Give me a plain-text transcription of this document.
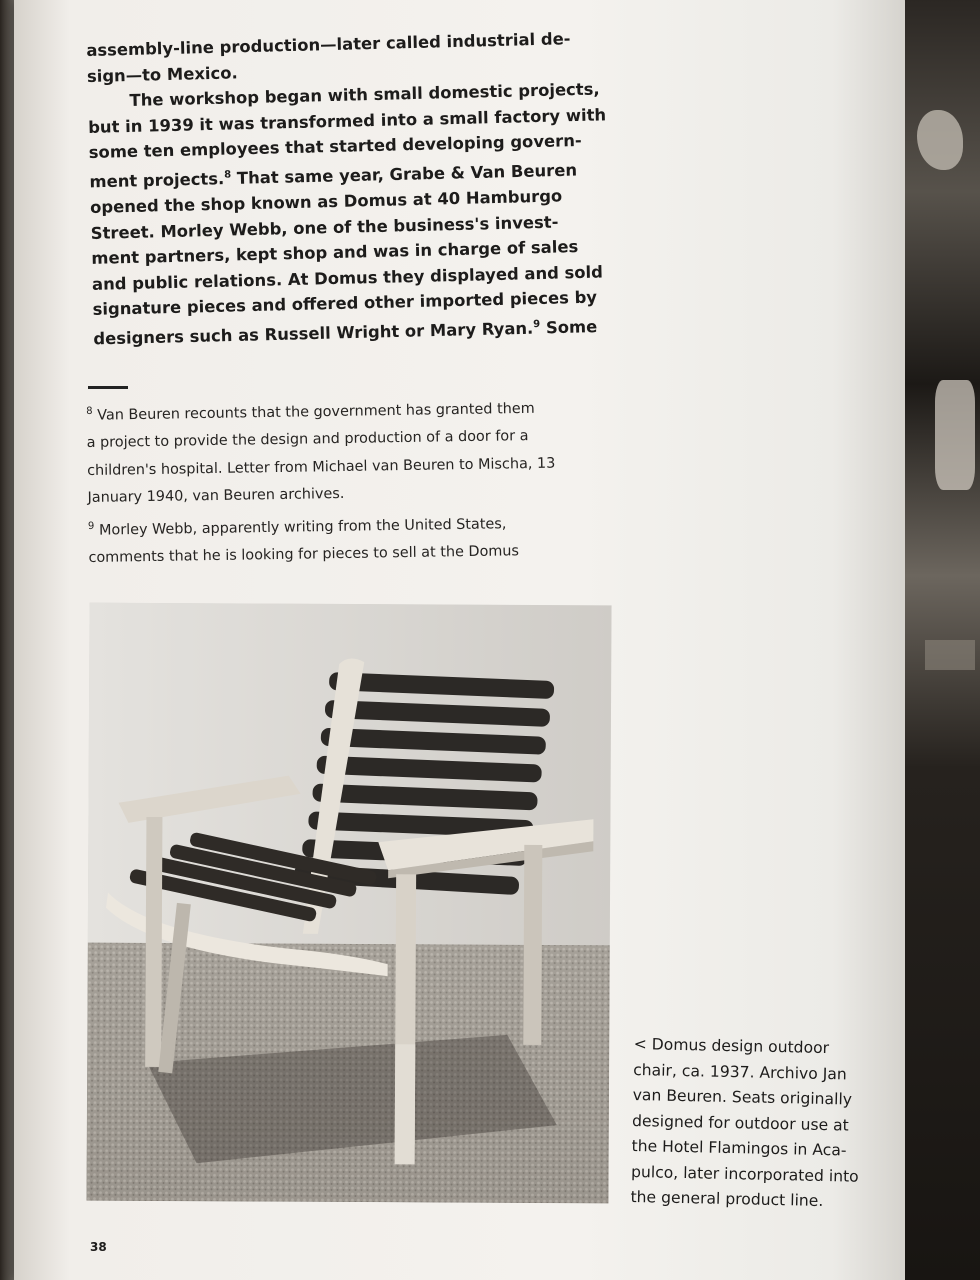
assembly-line production—later called industrial de-
sign—to Mexico.
The workshop began with small domestic projects,
but in 1939 it was transformed into a small factory with
some ten employees that started developing govern-
ment projects.$^8$ That same year, Grabe & Van Beuren
opened the shop known as Domus at 40 Hamburgo
Street. Morley Webb, one of the business's invest-
ment partners, kept shop and was in charge of sales
and public relations. At Domus they displayed and sold
signature pieces and offered other imported pieces by
designers such as Russell Wright or Mary Ryan.$^9$ Some
$^8$ Van Beuren recounts that the government has granted them
a project to provide the design and production of a door for a
children's hospital. Letter from Michael van Beuren to Mischa, 13
January 1940, van Beuren archives.
$^9$ Morley Webb, apparently writing from the United States,
comments that he is looking for pieces to sell at the Domus
< Domus design outdoor
chair, ca. 1937. Archivo Jan
van Beuren. Seats originally
designed for outdoor use at
the Hotel Flamingos in Aca-
pulco, later incorporated into
the general product line.
38
